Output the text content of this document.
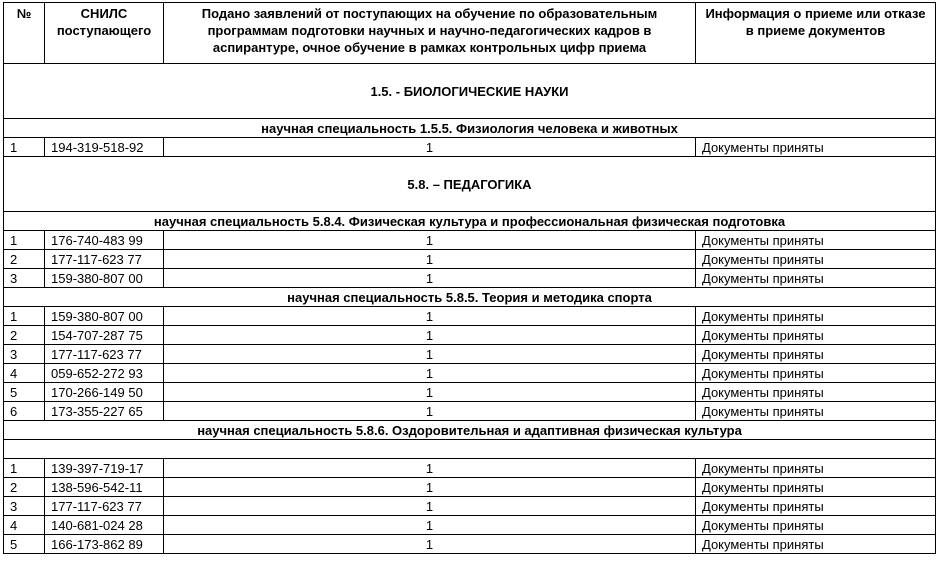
№	СНИЛС поступающего	Подано заявлений от поступающих на обучение по образовательным программам подготовки научных и научно-педагогических кадров в аспирантуре, очное обучение в рамках контрольных цифр приема	Информация о приеме или отказе в приеме документов
1.5. - БИОЛОГИЧЕСКИЕ НАУКИ			
научная специальность 1.5.5. Физиология человека и животных			
1	194-319-518-92	1	Документы приняты
5.8. – ПЕДАГОГИКА			
научная специальность 5.8.4. Физическая культура и профессиональная физическая подготовка			
1	176-740-483 99	1	Документы приняты
2	177-117-623 77	1	Документы приняты
3	159-380-807 00	1	Документы приняты
научная специальность 5.8.5. Теория и методика спорта			
1	159-380-807 00	1	Документы приняты
2	154-707-287 75	1	Документы приняты
3	177-117-623 77	1	Документы приняты
4	059-652-272 93	1	Документы приняты
5	170-266-149 50	1	Документы приняты
6	173-355-227 65	1	Документы приняты
научная специальность 5.8.6. Оздоровительная и адаптивная физическая культура			

1	139-397-719-17	1	Документы приняты
2	138-596-542-11	1	Документы приняты
3	177-117-623 77	1	Документы приняты
4	140-681-024 28	1	Документы приняты
5	166-173-862 89	1	Документы приняты
